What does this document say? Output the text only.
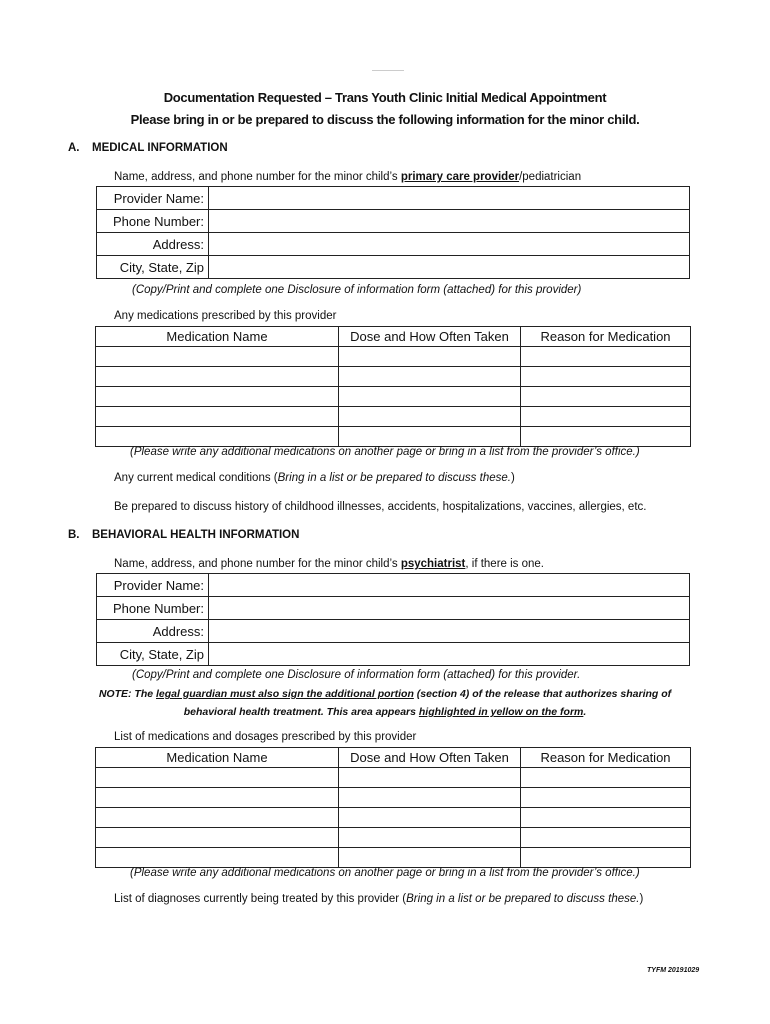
Documentation Requested – Trans Youth Clinic Initial Medical Appointment
Please bring in or be prepared to discuss the following information for the minor child.
A. MEDICAL INFORMATION
Name, address, and phone number for the minor child’s primary care provider/pediatrician
Provider Name:	
Phone Number:	
Address:	
City, State, Zip	
(Copy/Print and complete one Disclosure of information form (attached) for this provider)
Any medications prescribed by this provider
Medication Name	Dose and How Often Taken	Reason for Medication

(Please write any additional medications on another page or bring in a list from the provider’s office.)
Any current medical conditions (Bring in a list or be prepared to discuss these.)
Be prepared to discuss history of childhood illnesses, accidents, hospitalizations, vaccines, allergies, etc.
B. BEHAVIORAL HEALTH INFORMATION
Name, address, and phone number for the minor child’s psychiatrist, if there is one.
Provider Name:	
Phone Number:	
Address:	
City, State, Zip	
(Copy/Print and complete one Disclosure of information form (attached) for this provider.
NOTE: The legal guardian must also sign the additional portion (section 4) of the release that authorizes sharing of
behavioral health treatment. This area appears highlighted in yellow on the form.
List of medications and dosages prescribed by this provider
Medication Name	Dose and How Often Taken	Reason for Medication

(Please write any additional medications on another page or bring in a list from the provider’s office.)
List of diagnoses currently being treated by this provider (Bring in a list or be prepared to discuss these.)
TYFM 20191029
